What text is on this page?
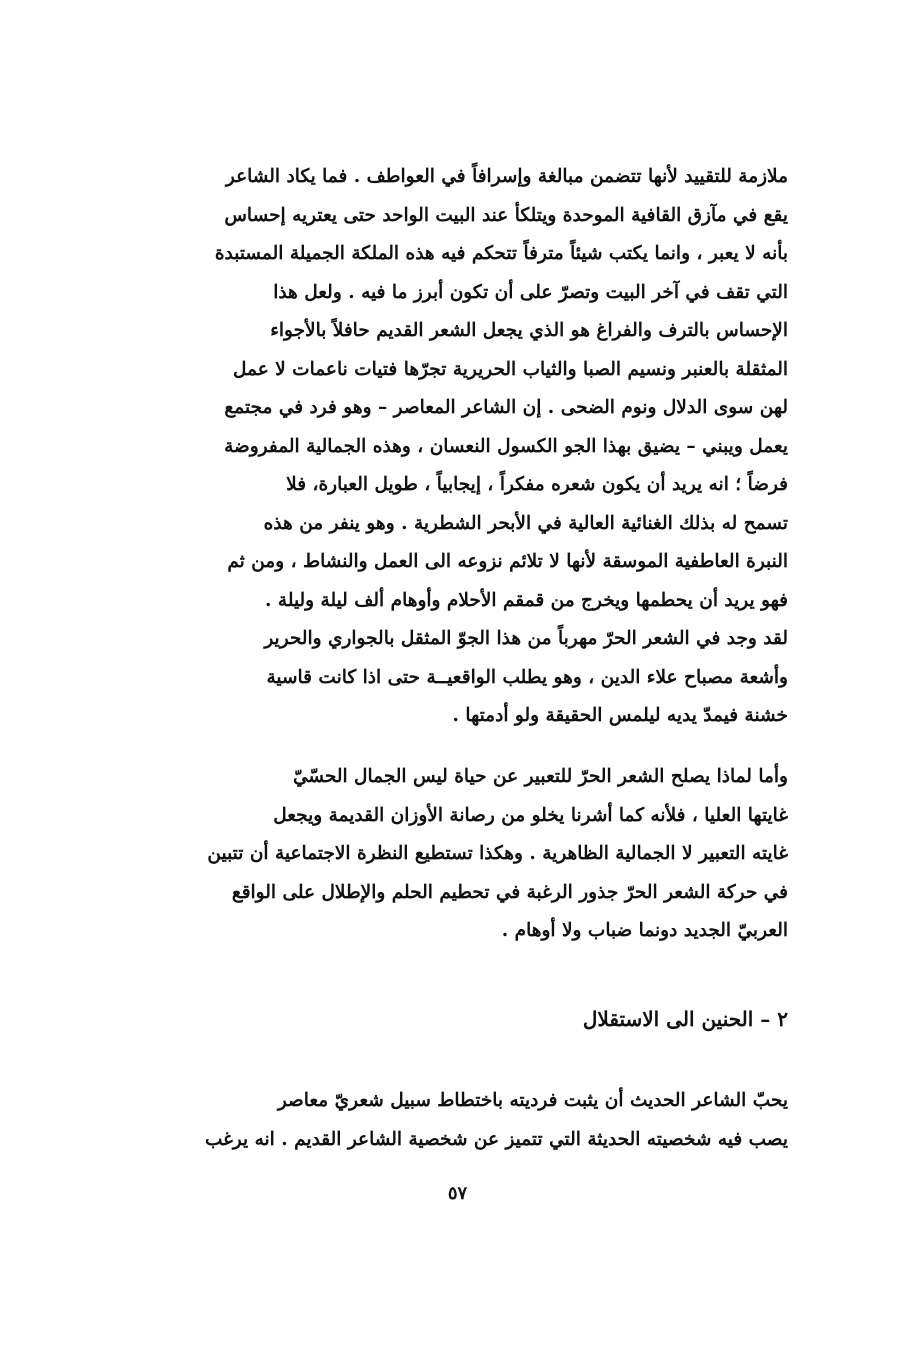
ملازمة للتقييد لأنها تتضمن مبالغة وإسرافاً في العواطف . فما يكاد الشاعر
يقع في مآزق القافية الموحدة ويتلكأ عند البيت الواحد حتى يعتريه إحساس
بأنه لا يعبر ، وانما يكتب شيئاً مترفاً تتحكم فيه هذه الملكة الجميلة المستبدة
التي تقف في آخر البيت وتصرّ على أن تكون أبرز ما فيه . ولعل هذا
الإحساس بالترف والفراغ هو الذي يجعل الشعر القديم حافلاً بالأجواء
المثقلة بالعنبر ونسيم الصبا والثياب الحريرية تجرّها فتيات ناعمات لا عمل
لهن سوى الدلال ونوم الضحى . إن الشاعر المعاصر – وهو فرد في مجتمع
يعمل ويبني – يضيق بهذا الجو الكسول النعسان ، وهذه الجمالية المفروضة
فرضاً ؛ انه يريد أن يكون شعره مفكراً ، إيجابياً ، طويل العبارة، فلا
تسمح له بذلك الغنائية العالية في الأبحر الشطرية . وهو ينفر من هذه
النبرة العاطفية الموسقة لأنها لا تلائم نزوعه الى العمل والنشاط ، ومن ثم
فهو يريد أن يحطمها ويخرج من قمقم الأحلام وأوهام ألف ليلة وليلة .
لقد وجد في الشعر الحرّ مهرباً من هذا الجوّ المثقل بالجواري والحرير
وأشعة مصباح علاء الدين ، وهو يطلب الواقعيــة حتى اذا كانت قاسية
خشنة فيمدّ يديه ليلمس الحقيقة ولو أدمتها .
وأما لماذا يصلح الشعر الحرّ للتعبير عن حياة ليس الجمال الحسّيّ
غايتها العليا ، فلأنه كما أشرنا يخلو من رصانة الأوزان القديمة ويجعل
غايته التعبير لا الجمالية الظاهرية . وهكذا تستطيع النظرة الاجتماعية أن تتبين
في حركة الشعر الحرّ جذور الرغبة في تحطيم الحلم والإطلال على الواقع
العربيّ الجديد دونما ضباب ولا أوهام .
٢ – الحنين الى الاستقلال
يحبّ الشاعر الحديث أن يثبت فرديته باختطاط سبيل شعريّ معاصر
يصب فيه شخصيته الحديثة التي تتميز عن شخصية الشاعر القديم . انه يرغب
٥٧
